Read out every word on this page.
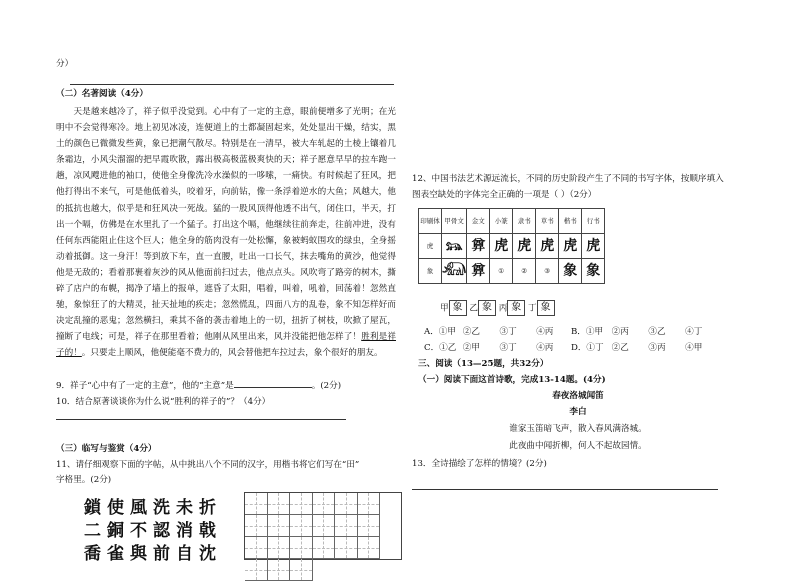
分）
（二）名著阅读（4分）
　　天是越来越冷了，祥子似乎没觉到。心中有了一定的主意，眼前便增多了光明；在光明中不会觉得寒冷。地上初见冰凌，连便道上的土都凝固起来，处处显出干燥，结实，黑土的颜色已微微发些黄，象已把潮气散尽。特别是在一清早，被大车轧起的土棱上镶着几条霜边，小风尖溜溜的把早霞吹散，露出极高极蓝极爽快的天；祥子愿意早早的拉车跑一趟，凉风飕进他的袖口，使他全身像洗冷水澡似的一哆嗦，一痛快。有时候起了狂风，把他打得出不来气，可是他低着头，咬着牙，向前钻，像一条浮着逆水的大鱼；风越大，他的抵抗也越大，似乎是和狂风决一死战。猛的一股风顶得他透不出气，闭住口，半天，打出一个嗝，仿佛是在水里扎了一个猛子。打出这个嗝，他继续往前奔走，往前冲进，没有任何东西能阻止住这个巨人；他全身的筋肉没有一处松懈，象被蚂蚁围攻的绿虫，全身摇动着抵御。这一身汗！等到放下车，直一直腰，吐出一口长气，抹去嘴角的黄沙，他觉得他是无敌的；看着那裹着灰沙的风从他面前扫过去，他点点头。风吹弯了路旁的树木，撕碎了店户的布幌，揭净了墙上的报单，遮昏了太阳，唱着，叫着，吼着，回荡着！忽然直驰，象惊狂了的大精灵，扯天扯地的疾走；忽然慌乱，四面八方的乱卷，象不知怎样好而决定乱撞的恶鬼；忽然横扫，乘其不备的袭击着地上的一切，扭折了树枝，吹掀了屋瓦，撞断了电线；可是，祥子在那里看着；他刚从风里出来，风并没能把他怎样了！胜利是祥子的！。只要走上顺风，他便能毫不费力的，风会替他把车拉过去，象个很好的朋友。
9．祥子“心中有了一定的主意”，他的“主意”是	。(2分)
10．结合原著谈谈你为什么说“胜利的祥子的”？（4分）
（三）临写与鉴赏（4分）
11、请仔细观察下面的字帖，从中挑出八个不同的汉字，用楷书将它们写在“田”
字格里。(2分)
鎖使風洗未折
二銅不認消戟
喬雀與前自沈
12、中国书法艺术源远流长，不同的历史阶段产生了不同的书写字体，按顺序填入
图表空缺处的字体完全正确的一项是（ ）（2分）
印刷体	甲骨文	金文	小篆	隶书	草书	楷书	行书
虎	𓃬	𢍜	虎	虎	虎	虎	虎
象	𓃰	𢍜	①	②	③	象	象
甲 象 乙 象 丙 象 丁 象
A．①甲 ②乙 ③丁 ④丙 B．①甲 ②丙 ③乙 ④丁
C．①乙 ②甲 ③丁 ④丙 D．①丁 ②乙 ③丙 ④甲
三、阅读（13—25题，共32分）
（一）阅读下面这首诗歌，完成13-14题。(4分)
春夜洛城闻笛
李白
谁家玉笛暗飞声，散入春风满洛城。
此夜曲中闻折柳，何人不起故园情。
13．全诗描绘了怎样的情境？(2分)
